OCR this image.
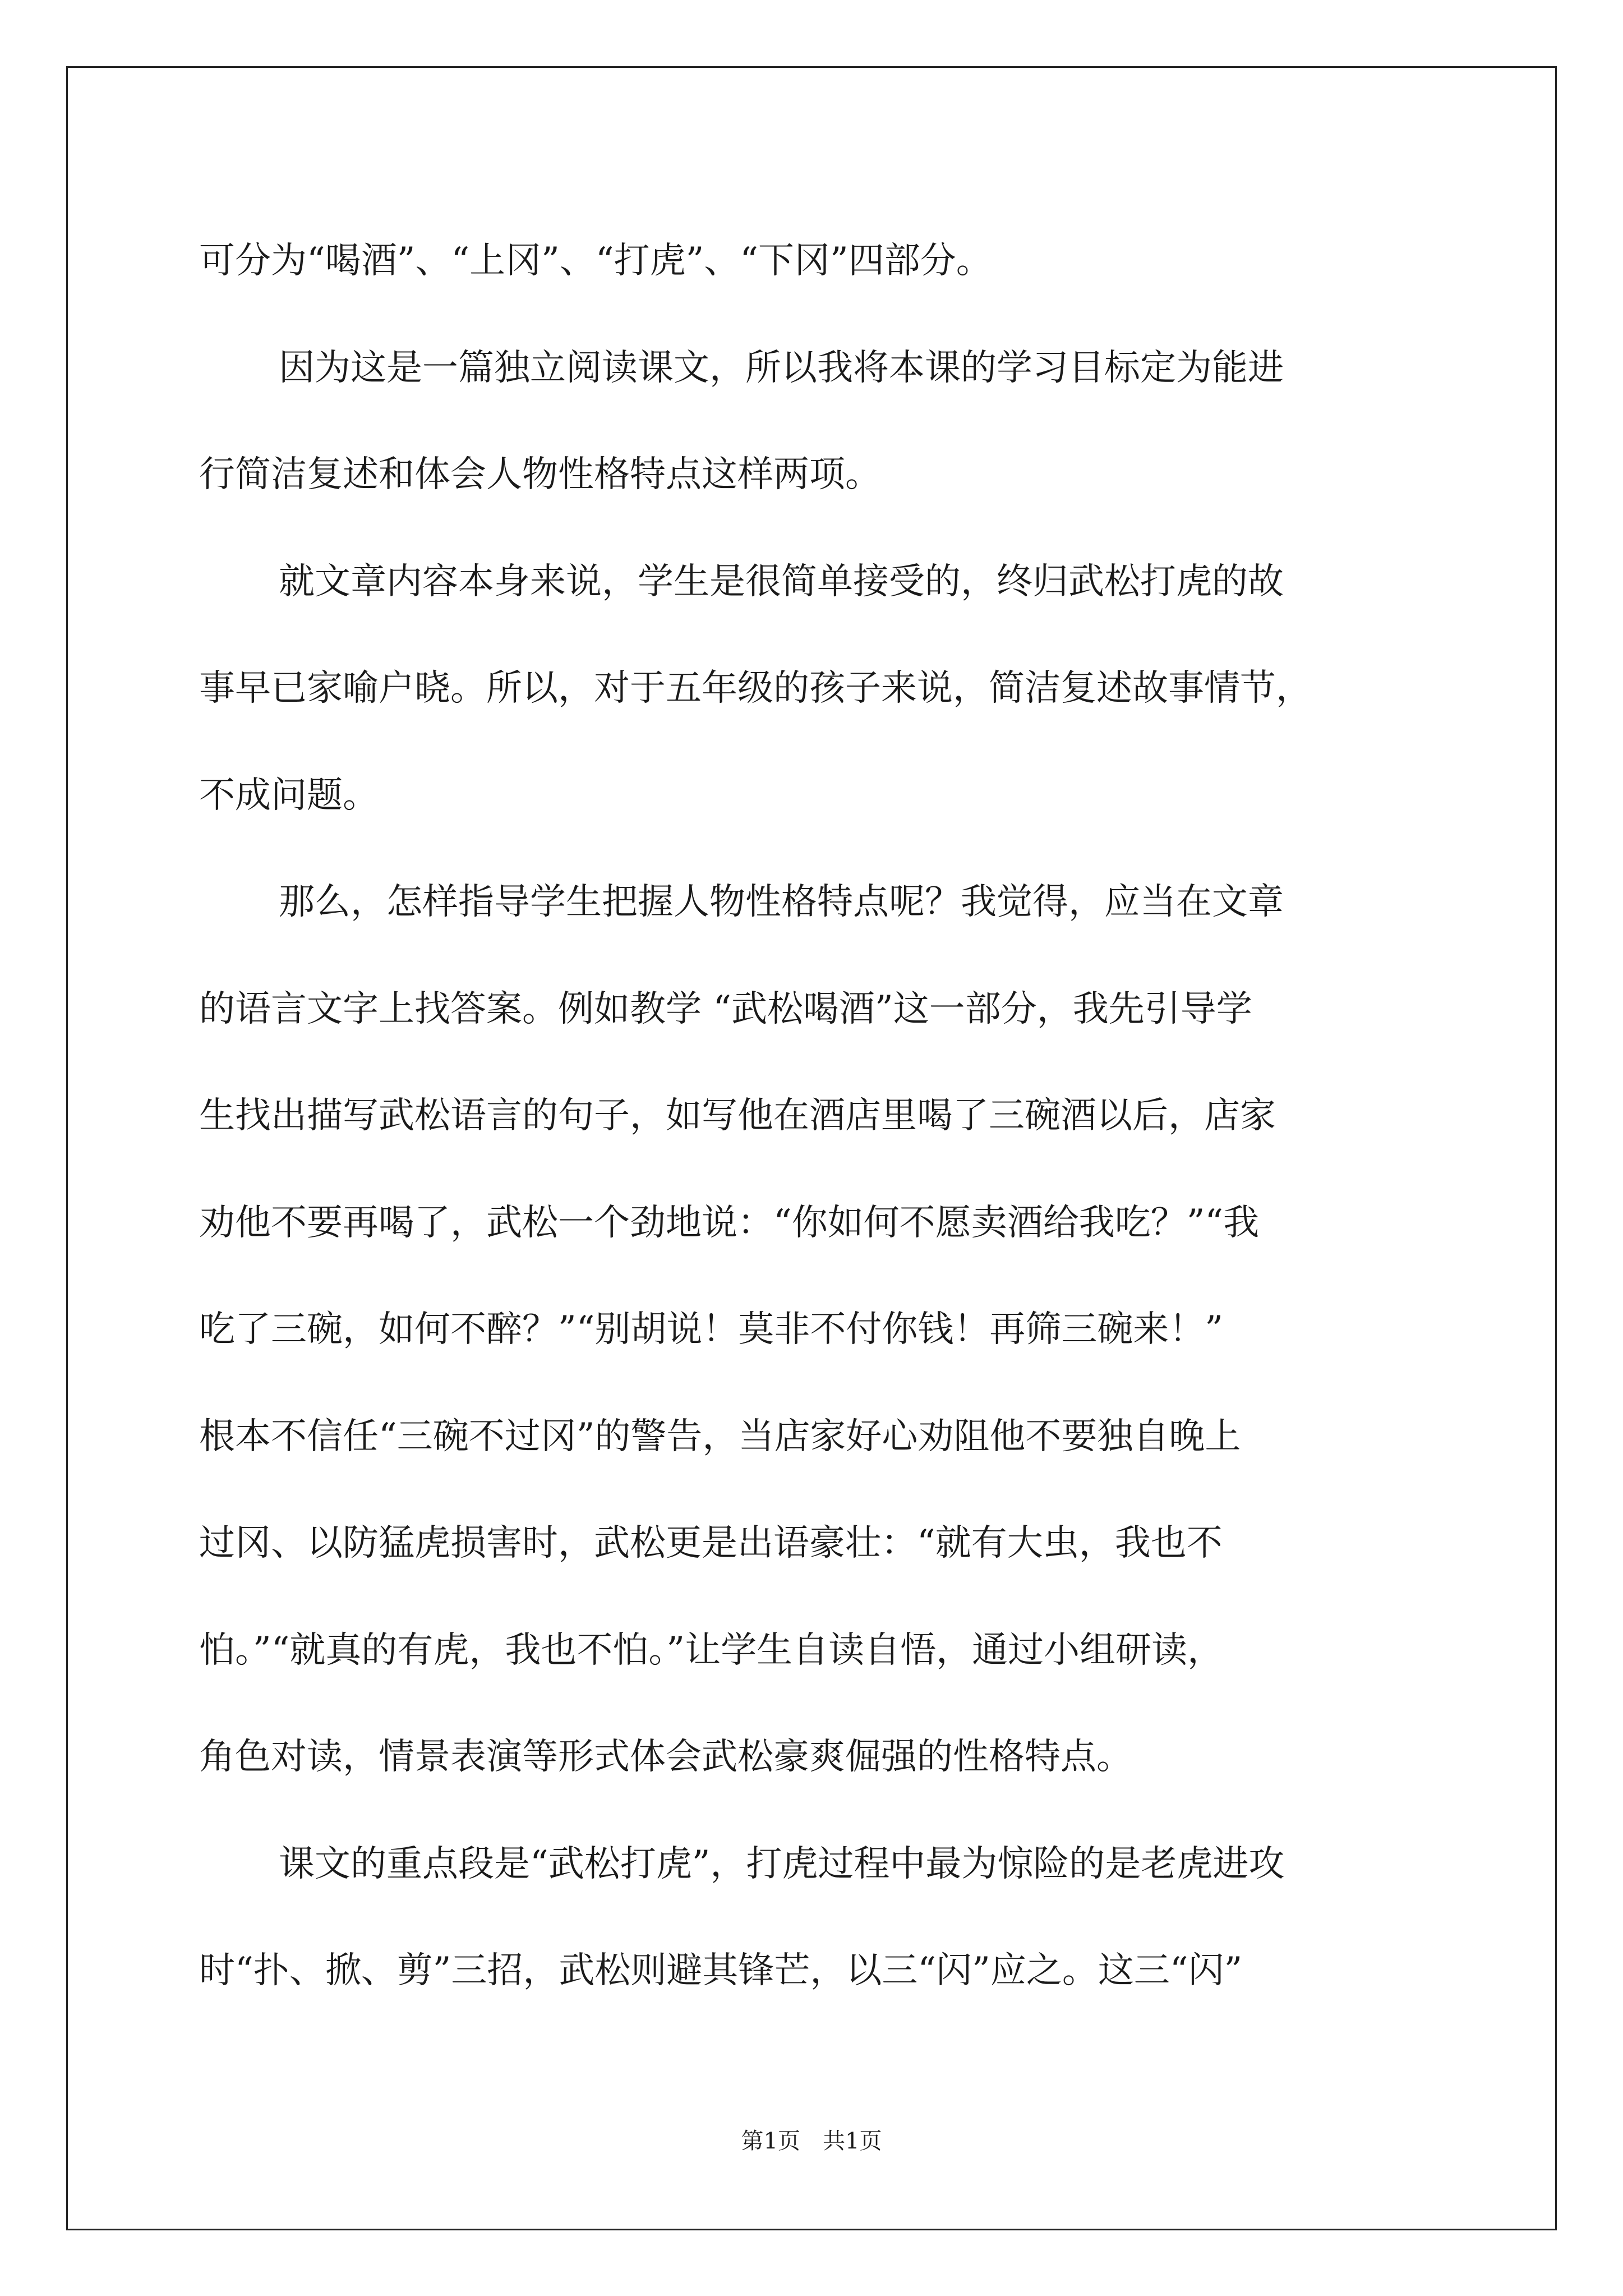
可分为“喝酒”、“上冈”、“打虎”、“下冈”四部分。

因为这是一篇独立阅读课文，所以我将本课的学习目标定为能进
行简洁复述和体会人物性格特点这样两项。

就文章内容本身来说，学生是很简单接受的，终归武松打虎的故
事早已家喻户晓。所以，对于五年级的孩子来说，简洁复述故事情节，
不成问题。

那么，怎样指导学生把握人物性格特点呢？我觉得，应当在文章
的语言文字上找答案。例如教学 “武松喝酒”这一部分，我先引导学
生找出描写武松语言的句子，如写他在酒店里喝了三碗酒以后，店家
劝他不要再喝了，武松一个劲地说：“你如何不愿卖酒给我吃？”“我
吃了三碗，如何不醉？”“别胡说！莫非不付你钱！再筛三碗来！”
根本不信任“三碗不过冈”的警告，当店家好心劝阻他不要独自晚上
过冈、以防猛虎损害时，武松更是出语豪壮：“就有大虫，我也不
怕。”“就真的有虎，我也不怕。”让学生自读自悟，通过小组研读，
角色对读，情景表演等形式体会武松豪爽倔强的性格特点。

课文的重点段是“武松打虎”，打虎过程中最为惊险的是老虎进攻
时“扑、掀、剪”三招，武松则避其锋芒，以三“闪”应之。这三“闪”

第1页　共1页
